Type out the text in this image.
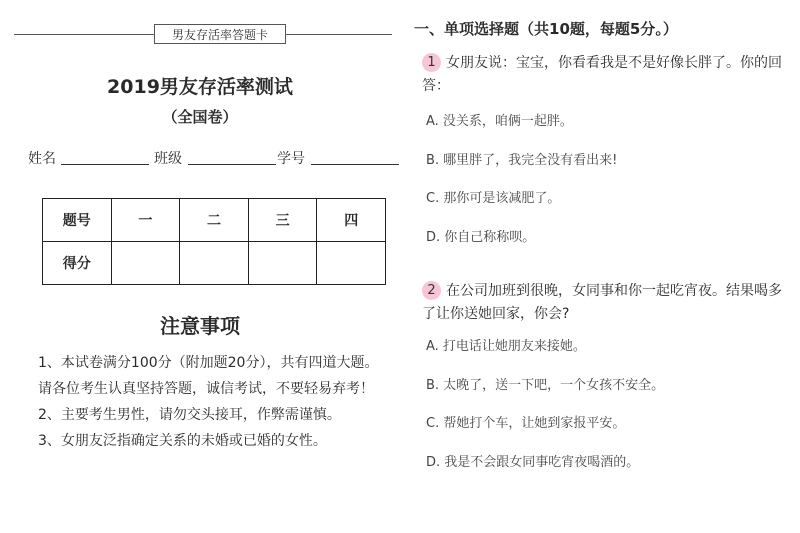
男友存活率答题卡
2019男友存活率测试
（全国卷）
姓名	班级	学号
题号	一	二	三	四
得分				
注意事项

1、本试卷满分100分（附加题20分），共有四道大题。请各位考生认真坚持答题，诚信考试，不要轻易弃考！

2、主要考生男性，请勿交头接耳，作弊需谨慎。

3、女朋友泛指确定关系的未婚或已婚的女性。

一、单项选择题（共10题，每题5分。）
1 女朋友说：宝宝，你看看我是不是好像长胖了。你的回答：
A. 没关系，咱俩一起胖。
B. 哪里胖了，我完全没有看出来!
C. 那你可是该减肥了。
D. 你自己称称呗。
2 在公司加班到很晚，女同事和你一起吃宵夜。结果喝多了让你送她回家，你会?
A. 打电话让她朋友来接她。
B. 太晚了，送一下吧，一个女孩不安全。
C. 帮她打个车，让她到家报平安。
D. 我是不会跟女同事吃宵夜喝酒的。
